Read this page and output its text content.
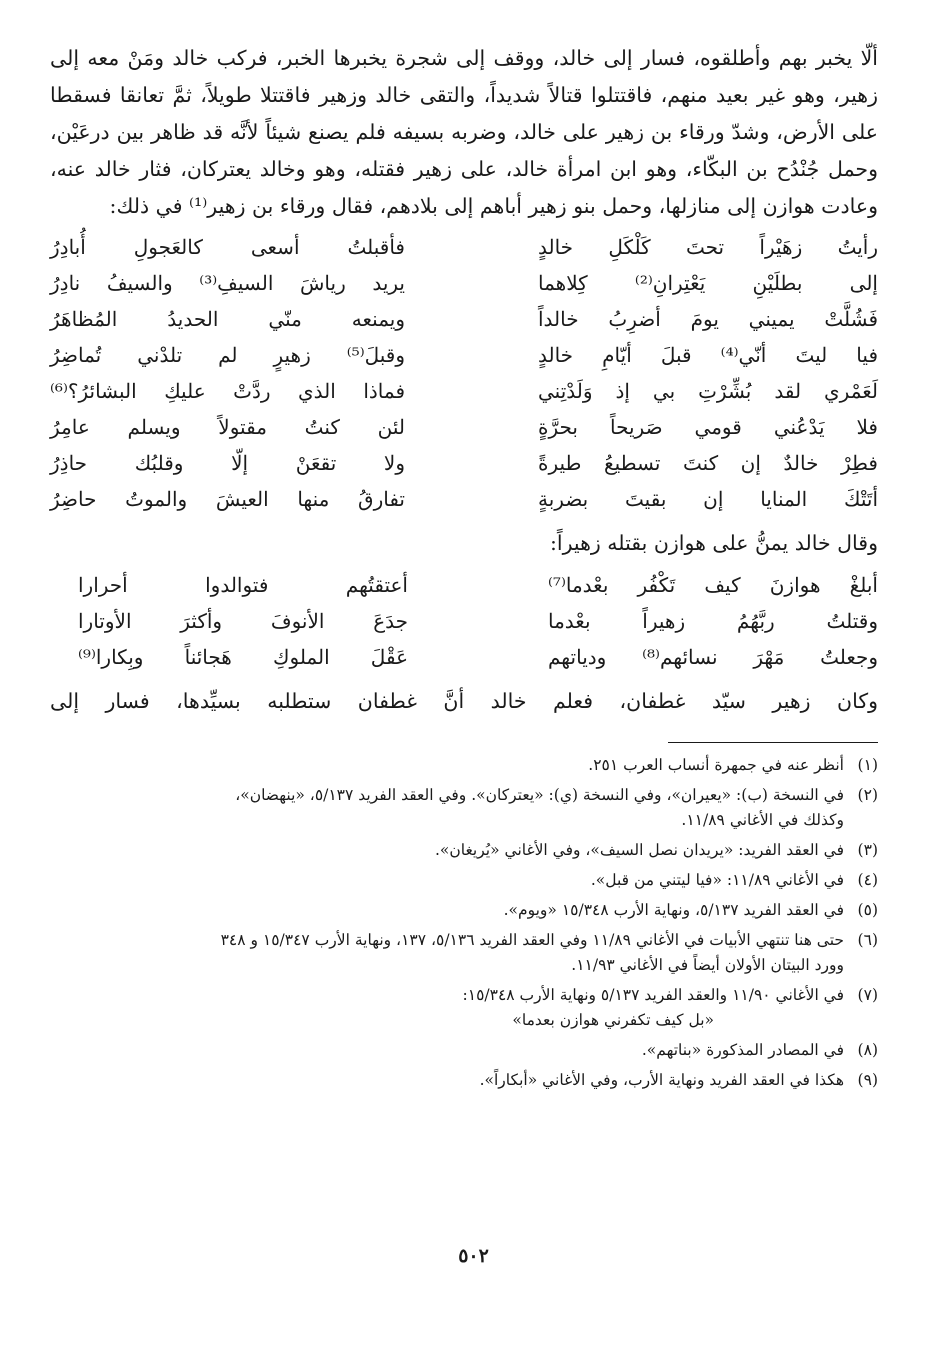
ألّا يخبر بهم وأطلقوه، فسار إلى خالد، ووقف إلى شجرة يخبرها الخبر، فركب خالد ومَنْ معه إلى زهير، وهو غير بعيد منهم، فاقتتلوا قتالاً شديداً، والتقى خالد وزهير فاقتتلا طويلاً، ثمَّ تعانقا فسقطا على الأرض، وشدّ ورقاء بن زهير على خالد، وضربه بسيفه فلم يصنع شيئاً لأنَّه قد ظاهر بين درعَيْن، وحمل جُنْدُح بن البكّاء، وهو ابن امرأة خالد، على زهير فقتله، وهو وخالد يعتركان، فثار خالد عنه، وعادت هوازن إلى منازلها، وحمل بنو زهير أباهم إلى بلادهم، فقال ورقاء بن زهير⁽¹⁾ في ذلك:

رأيتُ زهَيْراً تحتَ كَلْكَلِ خالدٍ
فأقبلتُ أسعى كالعَجولِ أُبادِرُ
إلى بطلَيْنِ يَعْتِرانِ⁽²⁾ كِلاهما
يريد رياشَ السيفِ⁽³⁾ والسيفُ نادِرُ
فَشُلَّتْ يميني يومَ أضرِبُ خالداً
ويمنعه منّي الحديدُ المُظاهَرُ
فيا ليتَ أنّي⁽⁴⁾ قبلَ أيّامِ خالدٍ
وقبلَ⁽⁵⁾ زهيرٍ لم تلدْني تُماضِرُ
لَعَمْري لقد بُشِّرْتِ بي إذ وَلَدْتِني
فماذا الذي ردَّتْ عليكِ البشائرُ؟⁽⁶⁾
فلا يَدْعُني قومي صَريحاً بحرَّةٍ
لئن كنتُ مقتولاً ويسلم عامِرُ
فطِرْ خالدٌ إن كنتَ تسطيعُ طيرةً
ولا تقعَنْ إلّا وقلبُك حاذِرُ
أتَتْكَ المنايا إن بقيتَ بضربةٍ
تفارقُ منها العيشَ والموتُ حاضِرُ

وقال خالد يمنُّ على هوازن بقتله زهيراً:

أبلغْ هوازنَ كيف تَكْفُر بعْدما⁽⁷⁾
أعتقتُهم فتوالدوا أحرارا
وقتلتُ ربَّهُمُ زهيراً بعْدما
جدَعَ الأنوفَ وأكثرَ الأوتارا
وجعلتُ مَهْرَ نسائهم⁽⁸⁾ ودياتهم
عَقْلَ الملوكِ هَجائناً وبِكارا⁽⁹⁾

وكان زهير سيّد غطفان، فعلم خالد أنَّ غطفان ستطلبه بسيِّدها، فسار إلى

(١)
أنظر عنه في جمهرة أنساب العرب ٢٥١.
(٢)
في النسخة (ب): «يعيران»، وفي النسخة (ي): «يعتركان». وفي العقد الفريد ٥/١٣٧، «ينهضان»،
وكذلك في الأغاني ١١/٨٩.
(٣)
في العقد الفريد: «يريدان نصل السيف»، وفي الأغاني «يُريغان».
(٤)
في الأغاني ١١/٨٩: «فيا ليتني من قبل».
(٥)
في العقد الفريد ٥/١٣٧، ونهاية الأرب ١٥/٣٤٨ «ويوم».
(٦)
حتى هنا تنتهي الأبيات في الأغاني ١١/٨٩ وفي العقد الفريد ٥/١٣٦، ١٣٧، ونهاية الأرب ١٥/٣٤٧ و ٣٤٨
وورد البيتان الأولان أيضاً في الأغاني ١١/٩٣.
(٧)
في الأغاني ١١/٩٠ والعقد الفريد ٥/١٣٧ ونهاية الأرب ١٥/٣٤٨:
«بل كيف تكفرني هوازن بعدما»
(٨)
في المصادر المذكورة «بناتهم».
(٩)
هكذا في العقد الفريد ونهاية الأرب، وفي الأغاني «أبكاراً».
٥٠٢
